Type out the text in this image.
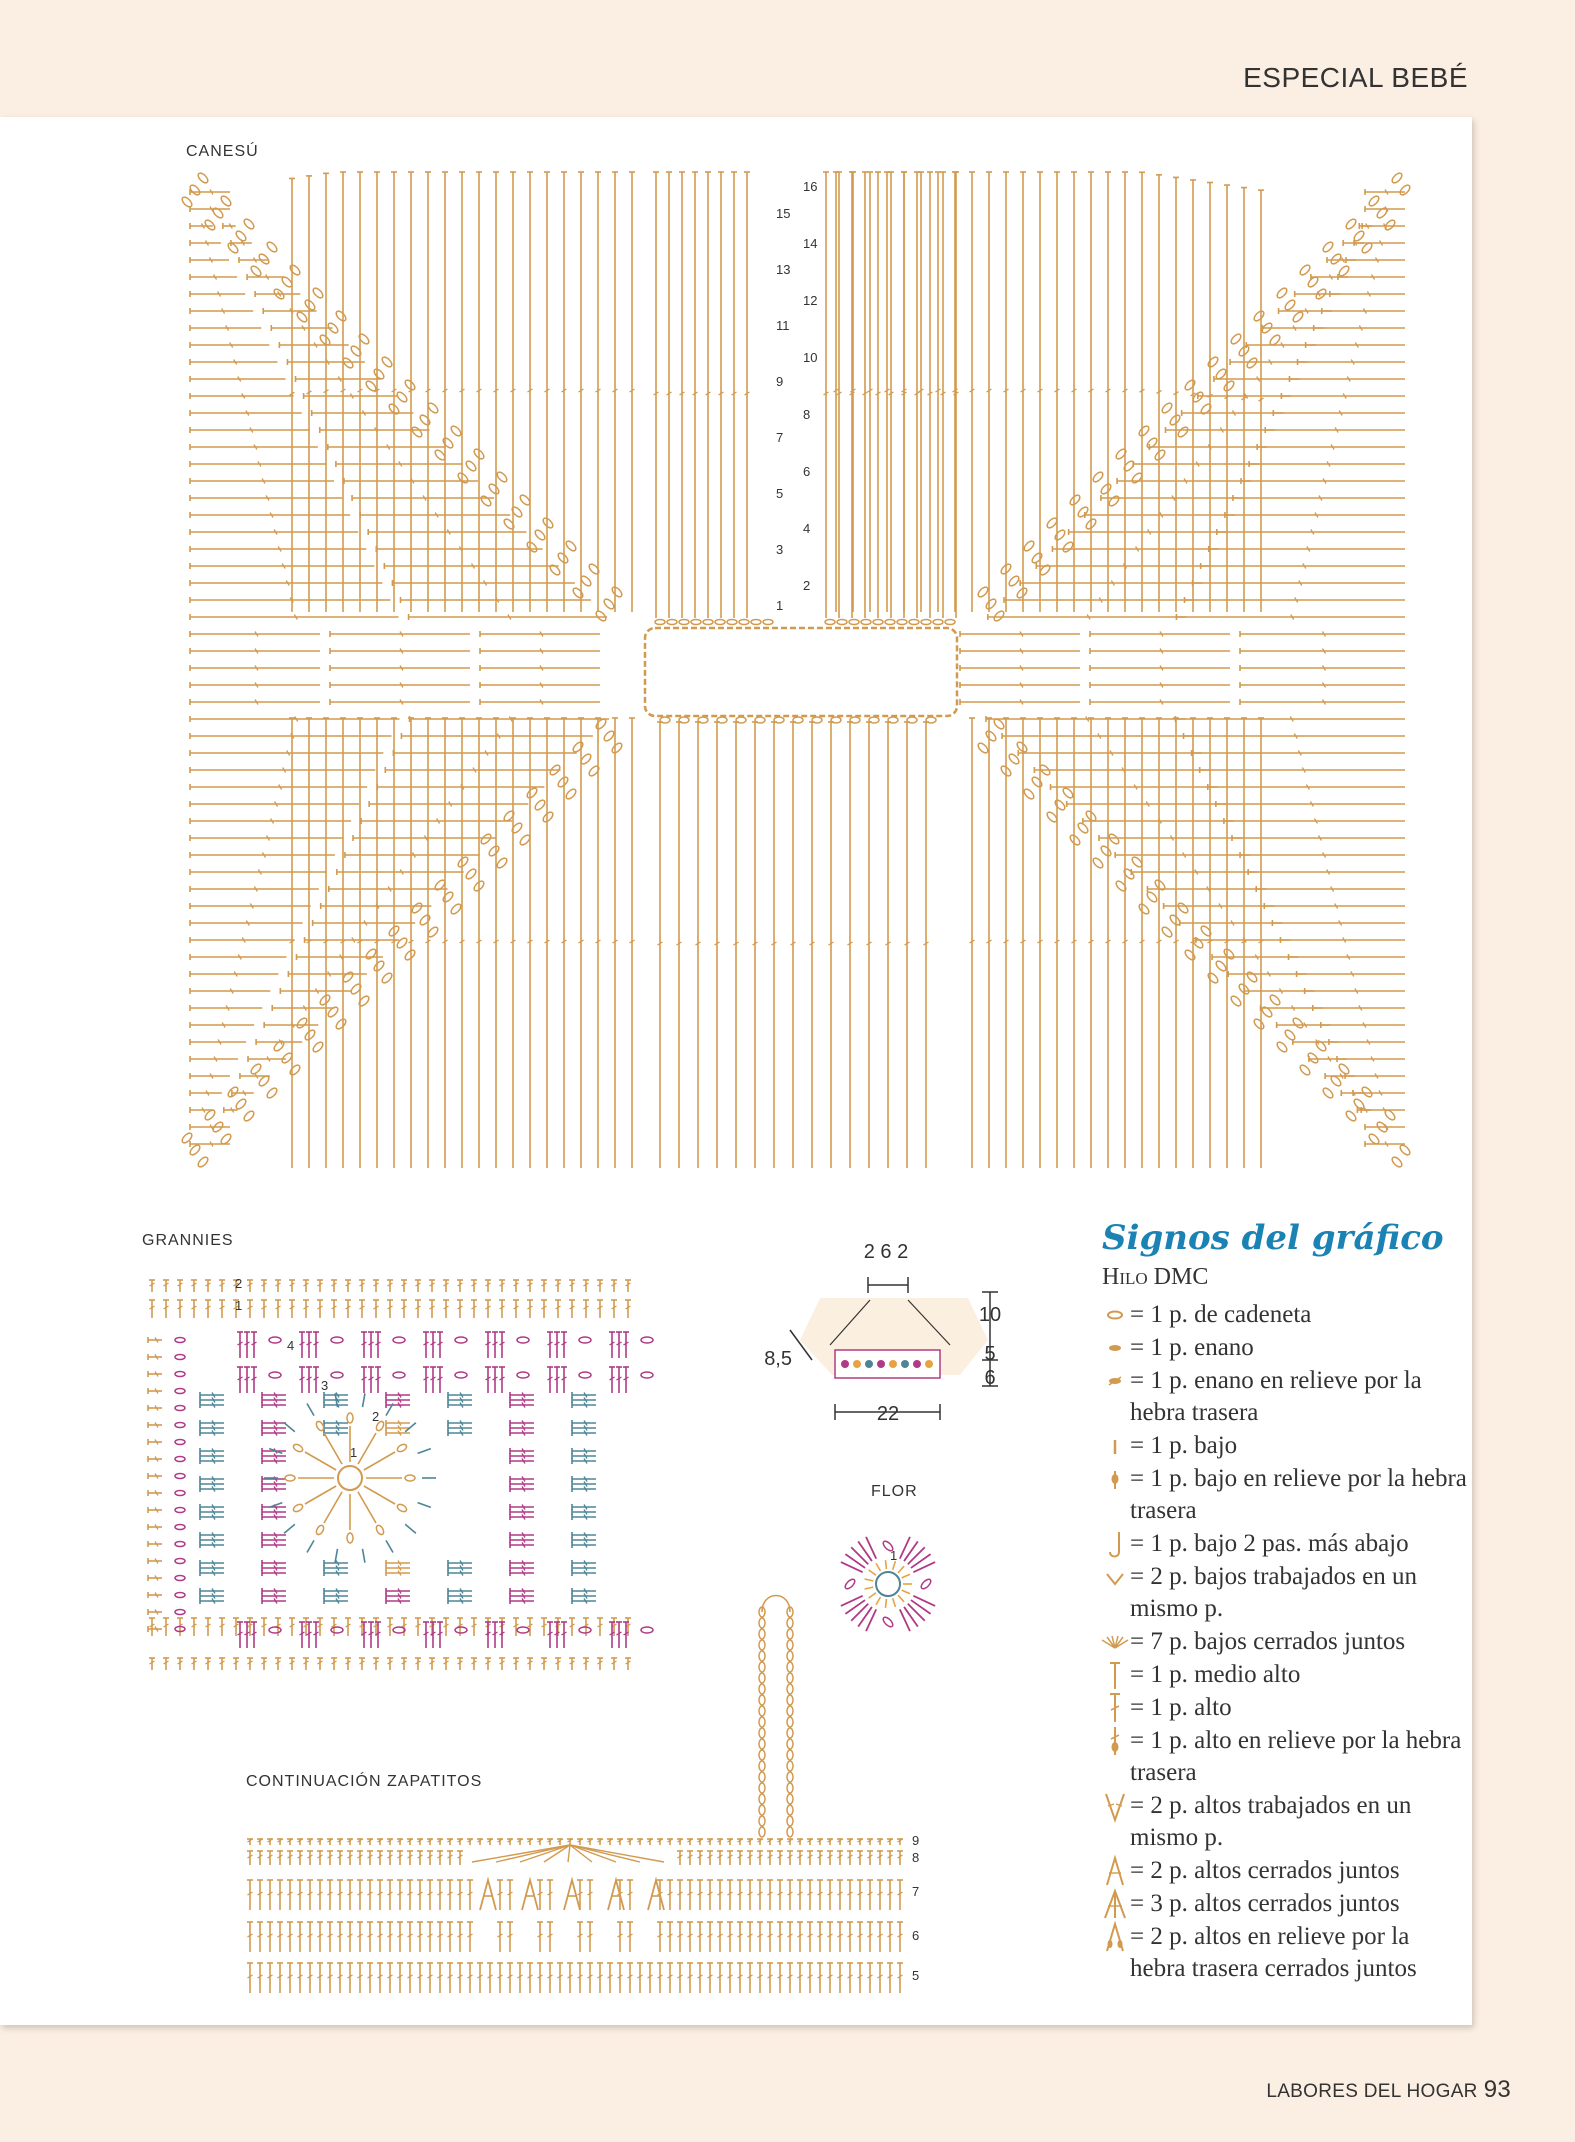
ESPECIAL BEBÉ
CANESÚ
15
13
11
9
7
5
3
1
16
14
12
10
8
6
4
2
GRANNIES
2
1
4
3
2
1
2 6 2
8,5
22
10
5
6
FLOR
1
CONTINUACIÓN ZAPATITOS
9
8
7
6
5
Signos del gráfico
Hilo DMC
= 1 p. de cadeneta
= 1 p. enano
= 1 p. enano en relieve por la hebra trasera
= 1 p. bajo
= 1 p. bajo en relieve por la hebra trasera
= 1 p. bajo 2 pas. más abajo
= 2 p. bajos trabajados en un mismo p.
= 7 p. bajos cerrados juntos
= 1 p. medio alto
= 1 p. alto
= 1 p. alto en relieve por la hebra trasera
= 2 p. altos trabajados en un mismo p.
= 2 p. altos cerrados juntos
= 3 p. altos cerrados juntos
= 2 p. altos en relieve por la hebra trasera cerrados juntos
LABORES DEL HOGAR 93
